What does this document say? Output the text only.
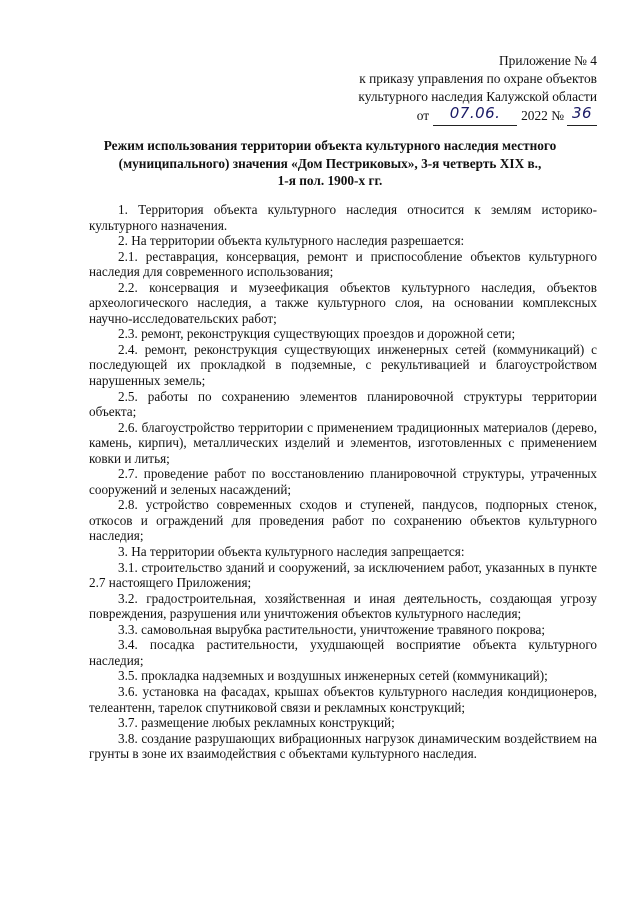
Приложение № 4
к приказу управления по охране объектов
культурного наследия Калужской области
от 07.06. 2022 № 36
Режим использования территории объекта культурного наследия местного
(муниципального) значения «Дом Пестриковых», 3-я четверть XIX в.,
1-я пол. 1900-х гг.

1. Территория объекта культурного наследия относится к землям историко-культурного назначения.

2. На территории объекта культурного наследия разрешается:

2.1. реставрация, консервация, ремонт и приспособление объектов культурного наследия для современного использования;

2.2. консервация и музеефикация объектов культурного наследия, объектов археологического наследия, а также культурного слоя, на основании комплексных научно-исследовательских работ;

2.3. ремонт, реконструкция существующих проездов и дорожной сети;

2.4. ремонт, реконструкция существующих инженерных сетей (коммуникаций) с последующей их прокладкой в подземные, с рекультивацией и благоустройством нарушенных земель;

2.5. работы по сохранению элементов планировочной структуры территории объекта;

2.6. благоустройство территории с применением традиционных материалов (дерево, камень, кирпич), металлических изделий и элементов, изготовленных с применением ковки и литья;

2.7. проведение работ по восстановлению планировочной структуры, утраченных сооружений и зеленых насаждений;

2.8. устройство современных сходов и ступеней, пандусов, подпорных стенок, откосов и ограждений для проведения работ по сохранению объектов культурного наследия;

3. На территории объекта культурного наследия запрещается:

3.1. строительство зданий и сооружений, за исключением работ, указанных в пункте 2.7 настоящего Приложения;

3.2. градостроительная, хозяйственная и иная деятельность, создающая угрозу повреждения, разрушения или уничтожения объектов культурного наследия;

3.3. самовольная вырубка растительности, уничтожение травяного покрова;

3.4. посадка растительности, ухудшающей восприятие объекта культурного наследия;

3.5. прокладка надземных и воздушных инженерных сетей (коммуникаций);

3.6. установка на фасадах, крышах объектов культурного наследия кондиционеров, телеантенн, тарелок спутниковой связи и рекламных конструкций;

3.7. размещение любых рекламных конструкций;

3.8. создание разрушающих вибрационных нагрузок динамическим воздействием на грунты в зоне их взаимодействия с объектами культурного наследия.
